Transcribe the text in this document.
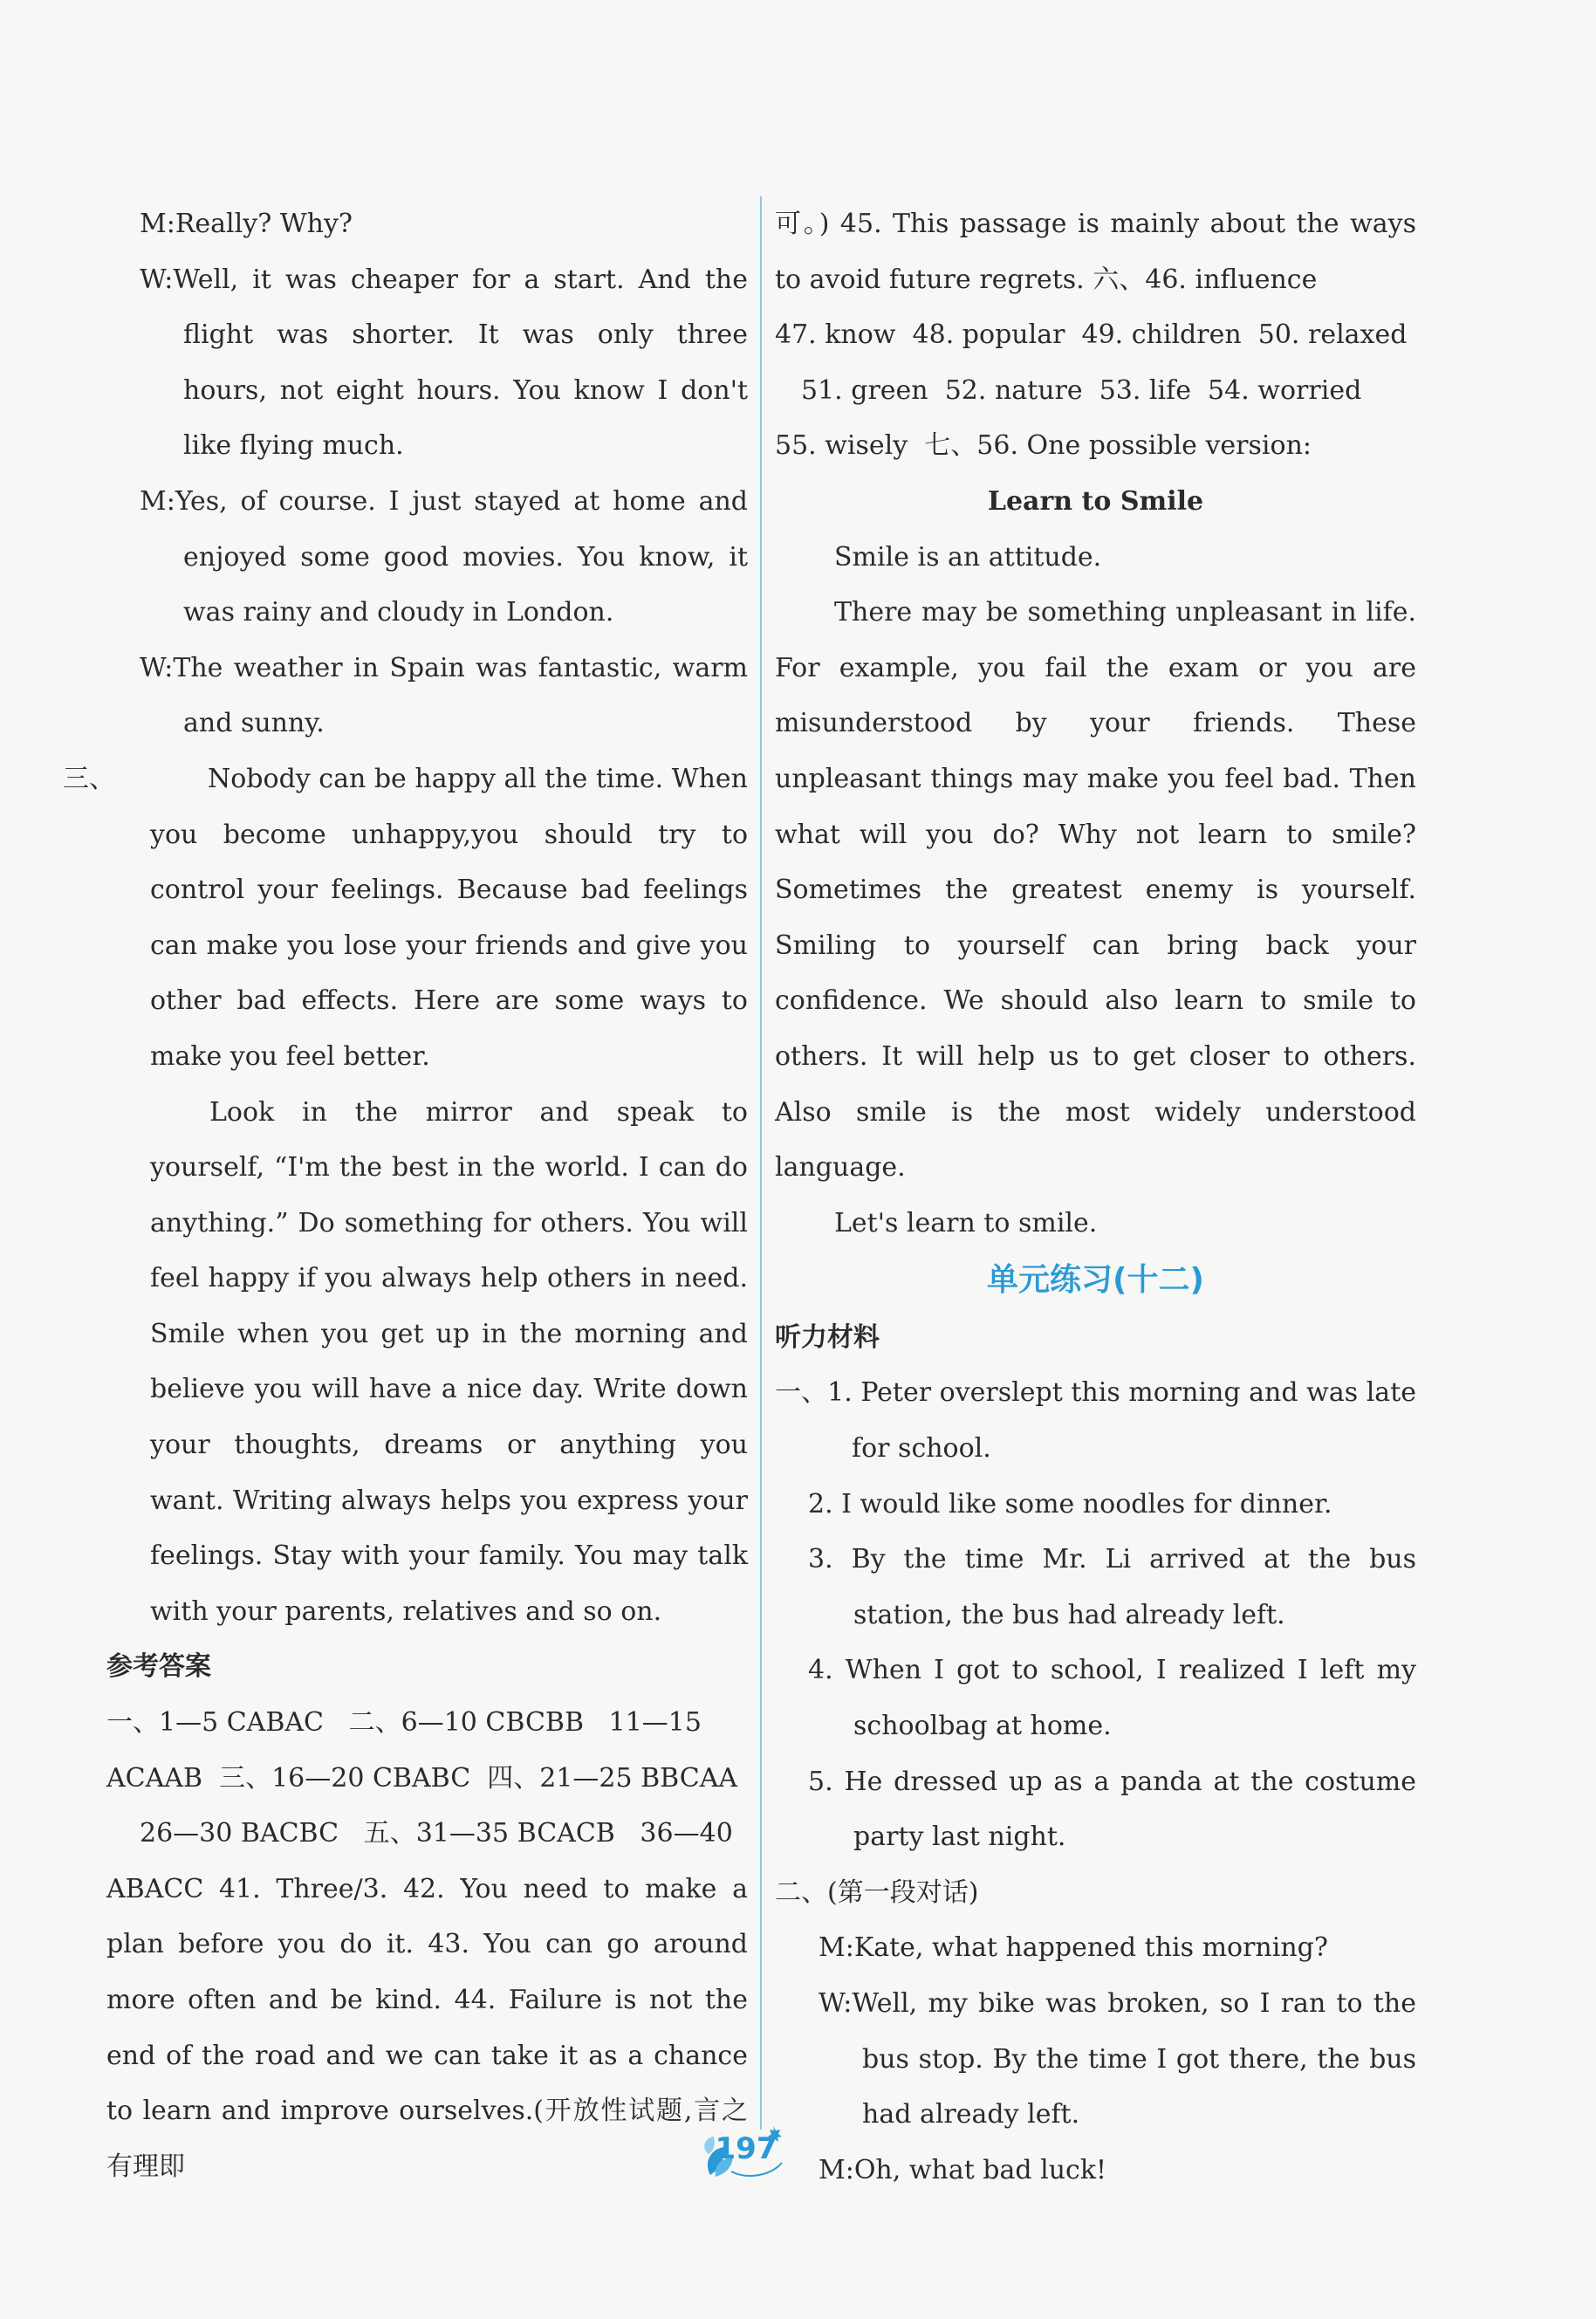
M:Really? Why?
W:Well, it was cheaper for a start. And the flight was shorter. It was only three hours, not eight hours. You know I don't like flying much.
M:Yes, of course. I just stayed at home and enjoyed some good movies. You know, it was rainy and cloudy in London.
W:The weather in Spain was fantastic, warm and sunny.
三、	Nobody can be happy all the time. When you become unhappy,you should try to control your feelings. Because bad feelings can make you lose your friends and give you other bad effects. Here are some ways to make you feel better.
Look in the mirror and speak to yourself, “I'm the best in the world. I can do anything.” Do something for others. You will feel happy if you always help others in need. Smile when you get up in the morning and believe you will have a nice day. Write down your thoughts, dreams or anything you want. Writing always helps you express your feelings. Stay with your family. You may talk with your parents, relatives and so on.
参考答案
一、1—5 CABAC   二、6—10 CBCBB   11—15
ACAAB  三、16—20 CBABC  四、21—25 BBCAA
26—30 BACBC   五、31—35 BCACB   36—40
ABACC 41. Three/3. 42. You need to make a plan before you do it. 43. You can go around more often and be kind. 44. Failure is not the end of the road and we can take it as a chance to learn and improve ourselves.(开放性试题,言之有理即
可。) 45. This passage is mainly about the ways to avoid future regrets. 六、46. influence
47. know  48. popular  49. children  50. relaxed
51. green  52. nature  53. life  54. worried
55. wisely  七、56. One possible version:
Learn to Smile
Smile is an attitude.
There may be something unpleasant in life. For example, you fail the exam or you are misunderstood by your friends. These unpleasant things may make you feel bad. Then what will you do? Why not learn to smile? Sometimes the greatest enemy is yourself. Smiling to yourself can bring back your confidence. We should also learn to smile to others. It will help us to get closer to others. Also smile is the most widely understood language.
Let's learn to smile.
单元练习(十二)
听力材料
一、1. Peter overslept this morning and was late for school.
2. I would like some noodles for dinner.
3. By the time Mr. Li arrived at the bus station, the bus had already left.
4. When I got to school, I realized I left my schoolbag at home.
5. He dressed up as a panda at the costume party last night.
二、(第一段对话)
M:Kate, what happened this morning?
W:Well, my bike was broken, so I ran to the bus stop. By the time I got there, the bus had already left.
M:Oh, what bad luck!
197
